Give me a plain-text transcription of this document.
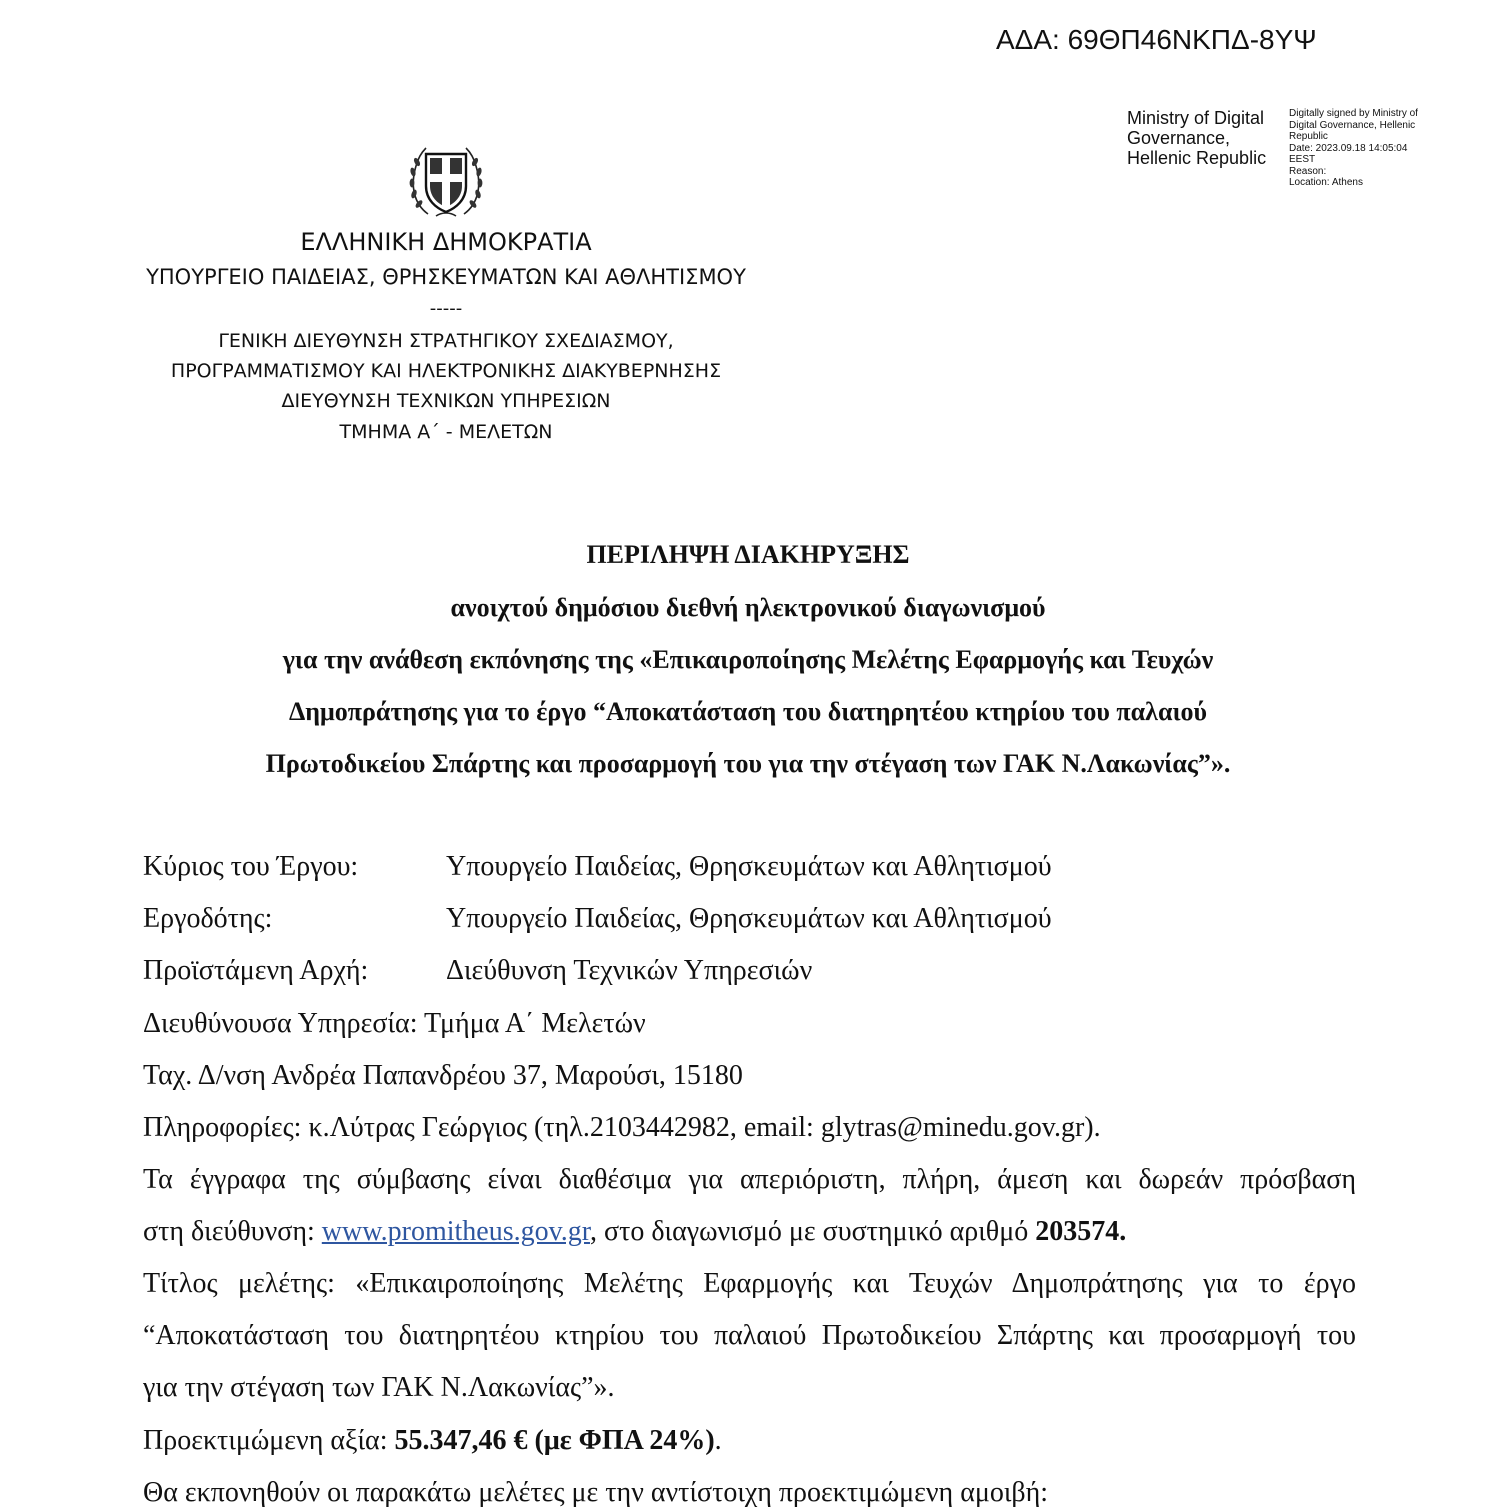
ΑΔΑ: 69ΘΠ46ΝΚΠΔ-8ΥΨ
Ministry of Digital
Governance,
Hellenic Republic
Digitally signed by Ministry of
Digital Governance, Hellenic
Republic
Date: 2023.09.18 14:05:04
EEST
Reason:
Location: Athens
ΕΛΛΗΝΙΚΗ ΔΗΜΟΚΡΑΤΙΑ
ΥΠΟΥΡΓΕΙΟ ΠΑΙΔΕΙΑΣ, ΘΡΗΣΚΕΥΜΑΤΩΝ ΚΑΙ ΑΘΛΗΤΙΣΜΟΥ
-----
ΓΕΝΙΚΗ ΔΙΕΥΘΥΝΣΗ ΣΤΡΑΤΗΓΙΚΟΥ ΣΧΕΔΙΑΣΜΟΥ,
ΠΡΟΓΡΑΜΜΑΤΙΣΜΟΥ ΚΑΙ ΗΛΕΚΤΡΟΝΙΚΗΣ ΔΙΑΚΥΒΕΡΝΗΣΗΣ
ΔΙΕΥΘΥΝΣΗ ΤΕΧΝΙΚΩΝ ΥΠΗΡΕΣΙΩΝ
ΤΜΗΜΑ Α΄ - ΜΕΛΕΤΩΝ
ΠΕΡΙΛΗΨΗ ΔΙΑΚΗΡΥΞΗΣ
ανοιχτού δημόσιου διεθνή ηλεκτρονικού διαγωνισμού
για την ανάθεση εκπόνησης της «Επικαιροποίησης Μελέτης Εφαρμογής και Τευχών
Δημοπράτησης για το έργο “Αποκατάσταση του διατηρητέου κτηρίου του παλαιού
Πρωτοδικείου Σπάρτης και προσαρμογή του για την στέγαση των ΓΑΚ Ν.Λακωνίας”».
Κύριος του Έργου:	Υπουργείο Παιδείας, Θρησκευμάτων και Αθλητισμού
Εργοδότης:	Υπουργείο Παιδείας, Θρησκευμάτων και Αθλητισμού
Προϊστάμενη Αρχή:	Διεύθυνση Τεχνικών Υπηρεσιών
Διευθύνουσα Υπηρεσία: Τμήμα Α΄ Μελετών
Ταχ. Δ/νση Ανδρέα Παπανδρέου 37, Μαρούσι, 15180
Πληροφορίες: κ.Λύτρας Γεώργιος (τηλ.2103442982, email: glytras@minedu.gov.gr).
Τα έγγραφα της σύμβασης είναι διαθέσιμα για απεριόριστη, πλήρη, άμεση και δωρεάν πρόσβαση
στη διεύθυνση: www.promitheus.gov.gr, στο διαγωνισμό με συστημικό αριθμό 203574.
Τίτλος μελέτης: «Επικαιροποίησης Μελέτης Εφαρμογής και Τευχών Δημοπράτησης για το έργο
“Αποκατάσταση του διατηρητέου κτηρίου του παλαιού Πρωτοδικείου Σπάρτης και προσαρμογή του
για την στέγαση των ΓΑΚ Ν.Λακωνίας”».
Προεκτιμώμενη αξία: 55.347,46 € (με ΦΠΑ 24%).
Θα εκπονηθούν οι παρακάτω μελέτες με την αντίστοιχη προεκτιμώμενη αμοιβή:
